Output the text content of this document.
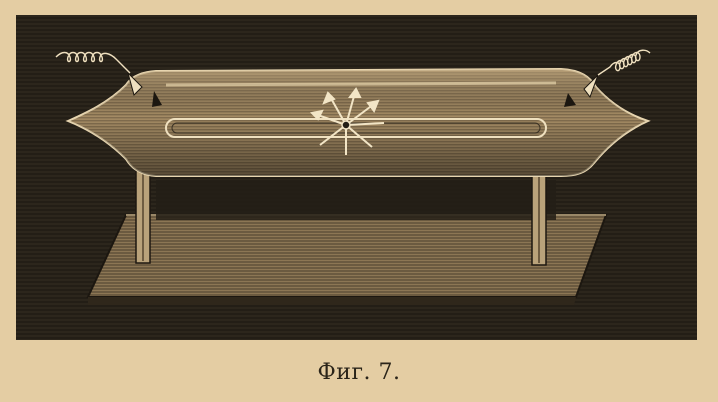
Фиг. 7.
